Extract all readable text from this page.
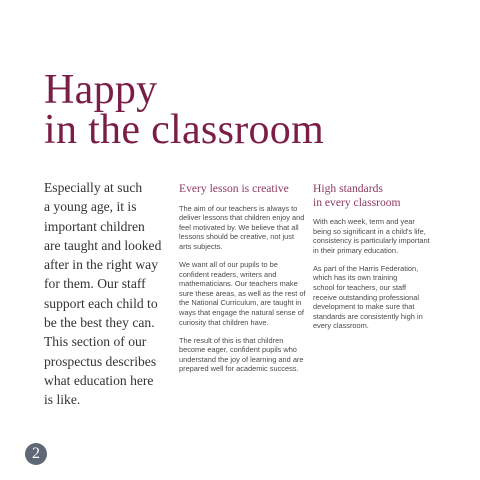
Happy
in the classroom

Especially at such
a young age, it is
important children
are taught and looked
after in the right way
for them. Our staff
support each child to
be the best they can.
This section of our
prospectus describes
what education here
is like.

Every lesson is creative

The aim of our teachers is always to
deliver lessons that children enjoy and
feel motivated by. We believe that all
lessons should be creative, not just
arts subjects.

We want all of our pupils to be
confident readers, writers and
mathematicians. Our teachers make
sure these areas, as well as the rest of
the National Curriculum, are taught in
ways that engage the natural sense of
curiosity that children have.

The result of this is that children
become eager, confident pupils who
understand the joy of learning and are
prepared well for academic success.

High standards
in every classroom

With each week, term and year
being so significant in a child's life,
consistency is particularly important
in their primary education.

As part of the Harris Federation,
which has its own training
school for teachers, our staff
receive outstanding professional
development to make sure that
standards are consistently high in
every classroom.

2
